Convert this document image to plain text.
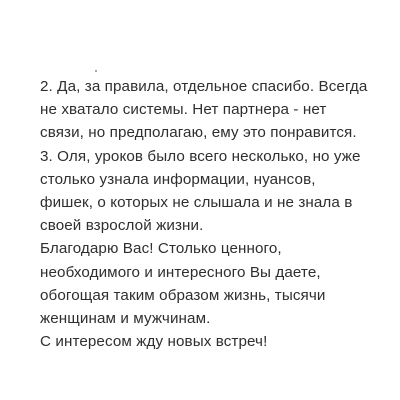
2. Да, за правила, отдельное спасибо. Всегда
не хватало системы. Нет партнера - нет
связи, но предполагаю, ему это понравится.
3. Оля, уроков было всего несколько, но уже
столько узнала информации, нуансов,
фишек, о которых не слышала и не знала в
своей взрослой жизни.
Благодарю Вас! Столько ценного,
необходимого и интересного Вы даете,
обогощая таким образом жизнь, тысячи
женщинам и мужчинам.
С интересом жду новых встреч!
